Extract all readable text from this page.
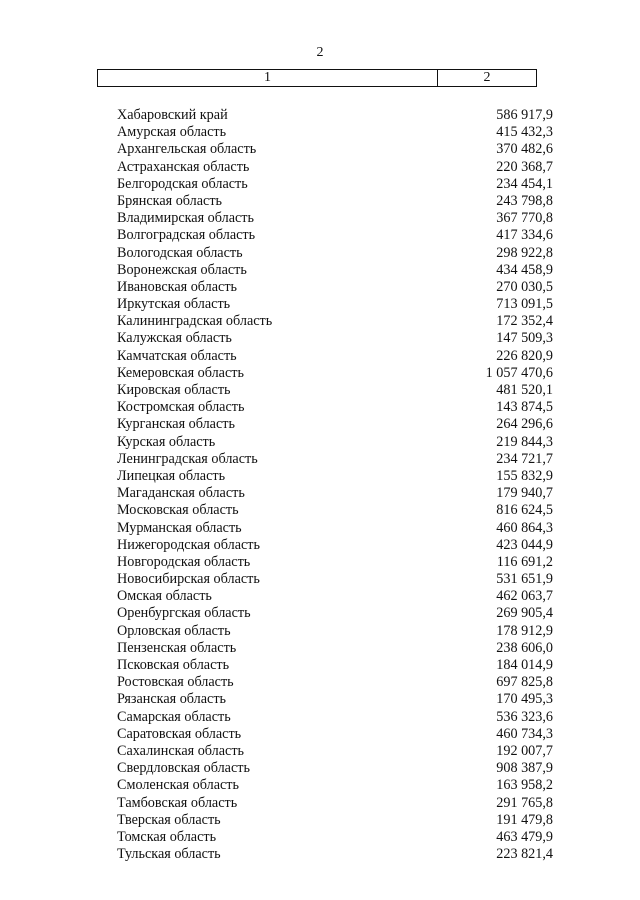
2
1	2
Хабаровский край	586 917,9
Амурская область	415 432,3
Архангельская область	370 482,6
Астраханская область	220 368,7
Белгородская область	234 454,1
Брянская область	243 798,8
Владимирская область	367 770,8
Волгоградская область	417 334,6
Вологодская область	298 922,8
Воронежская область	434 458,9
Ивановская область	270 030,5
Иркутская область	713 091,5
Калининградская область	172 352,4
Калужская область	147 509,3
Камчатская область	226 820,9
Кемеровская область	1 057 470,6
Кировская область	481 520,1
Костромская область	143 874,5
Курганская область	264 296,6
Курская область	219 844,3
Ленинградская область	234 721,7
Липецкая область	155 832,9
Магаданская область	179 940,7
Московская область	816 624,5
Мурманская область	460 864,3
Нижегородская область	423 044,9
Новгородская область	116 691,2
Новосибирская область	531 651,9
Омская область	462 063,7
Оренбургская область	269 905,4
Орловская область	178 912,9
Пензенская область	238 606,0
Псковская область	184 014,9
Ростовская область	697 825,8
Рязанская область	170 495,3
Самарская область	536 323,6
Саратовская область	460 734,3
Сахалинская область	192 007,7
Свердловская область	908 387,9
Смоленская область	163 958,2
Тамбовская область	291 765,8
Тверская область	191 479,8
Томская область	463 479,9
Тульская область	223 821,4
